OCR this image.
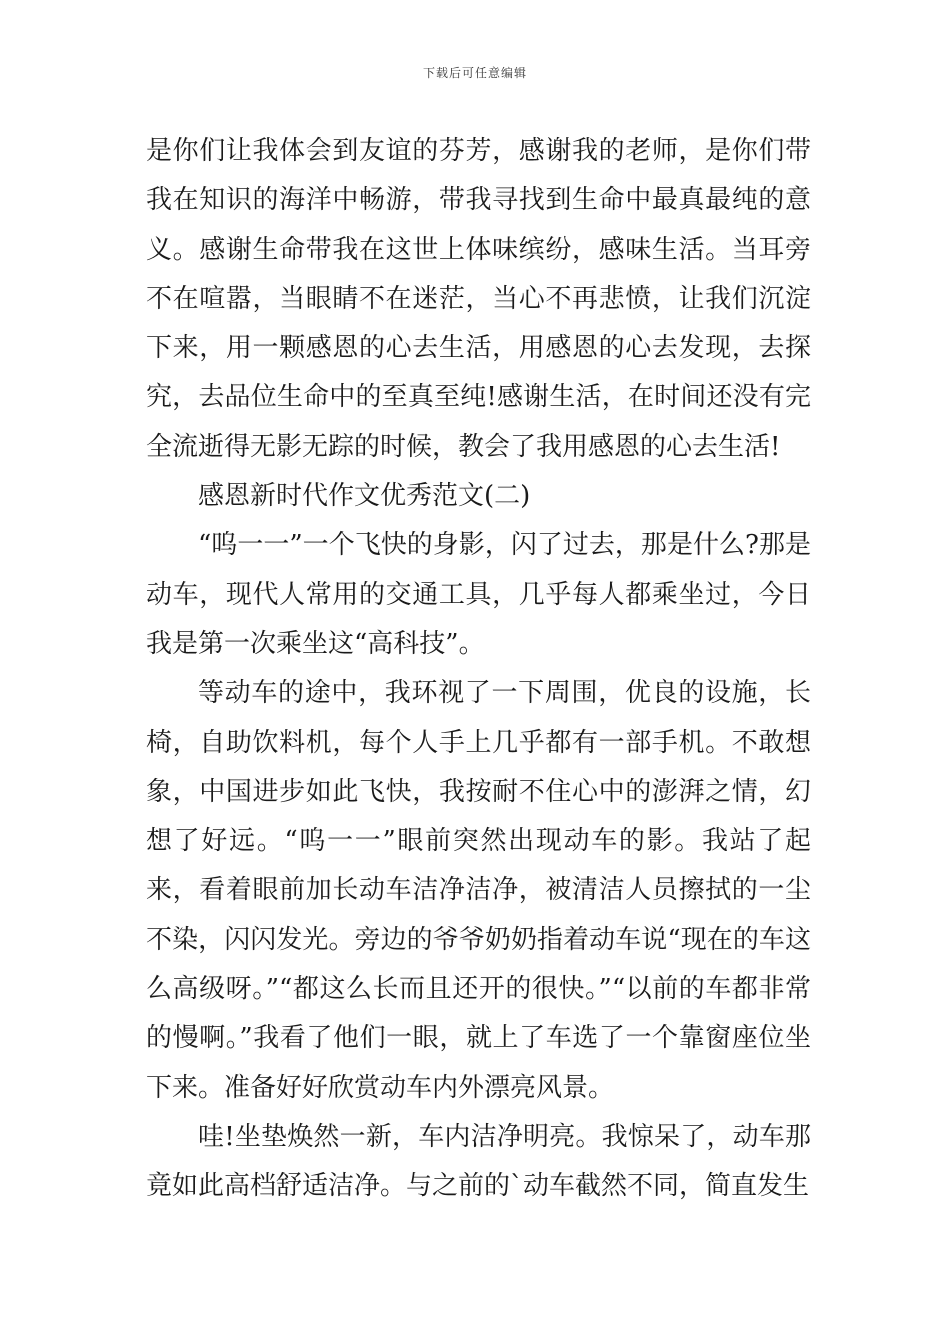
下载后可任意编辑

是你们让我体会到友谊的芬芳，感谢我的老师，是你们带我在知识的海洋中畅游，带我寻找到生命中最真最纯的意义。感谢生命带我在这世上体味缤纷，感味生活。当耳旁不在喧嚣，当眼睛不在迷茫，当心不再悲愤，让我们沉淀下来，用一颗感恩的心去生活，用感恩的心去发现，去探究，去品位生命中的至真至纯!感谢生活，在时间还没有完全流逝得无影无踪的时候，教会了我用感恩的心去生活!

感恩新时代作文优秀范文(二)

“呜一一”一个飞快的身影，闪了过去，那是什么?那是动车，现代人常用的交通工具，几乎每人都乘坐过，今日我是第一次乘坐这“高科技”。

等动车的途中，我环视了一下周围，优良的设施，长椅，自助饮料机，每个人手上几乎都有一部手机。不敢想象，中国进步如此飞快，我按耐不住心中的澎湃之情，幻想了好远。“呜一一”眼前突然出现动车的影。我站了起来，看着眼前加长动车洁净洁净，被清洁人员擦拭的一尘不染，闪闪发光。旁边的爷爷奶奶指着动车说“现在的车这么高级呀。”“都这么长而且还开的很快。”“以前的车都非常的慢啊。”我看了他们一眼，就上了车选了一个靠窗座位坐下来。准备好好欣赏动车内外漂亮风景。

哇!坐垫焕然一新，车内洁净明亮。我惊呆了，动车那竟如此高档舒适洁净。与之前的`动车截然不同，简直发生
